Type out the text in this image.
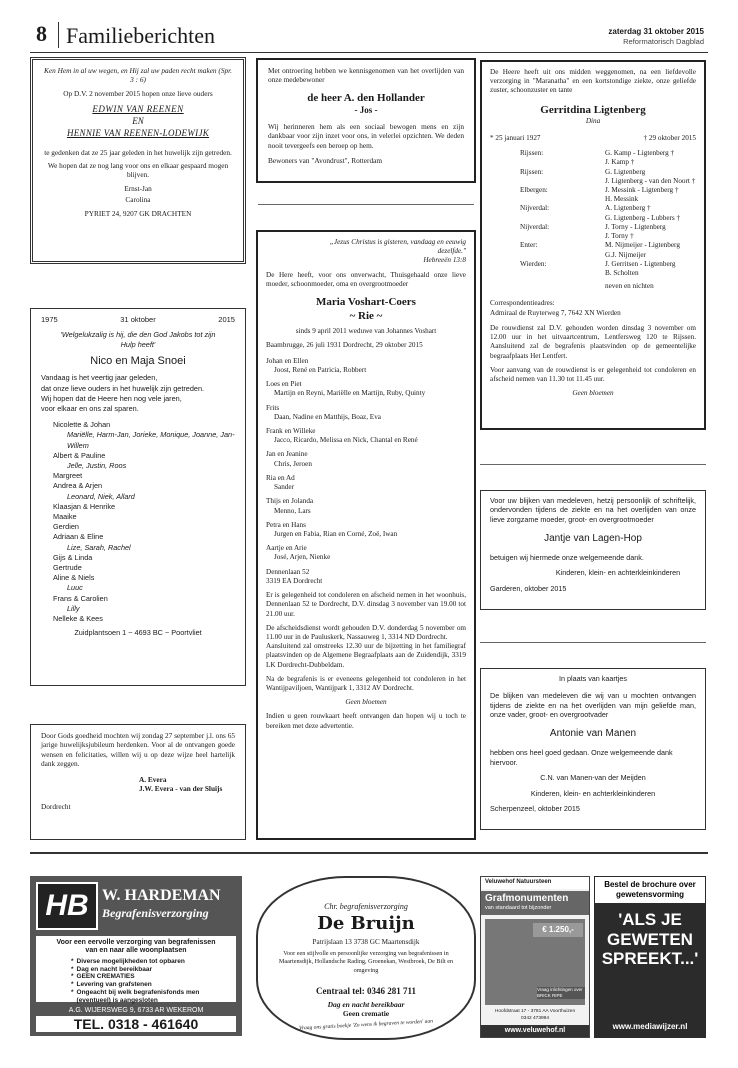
8 Familieberichten	zaterdag 31 oktober 2015
Reformatorisch Dagblad
Ken Hem in al uw wegen, en Hij zal uw paden recht maken (Spr. 3 : 6)
Op D.V. 2 november 2015 hopen onze lieve ouders
EDWIN VAN REENEN
EN
HENNIE VAN REENEN-LODEWIJK
te gedenken dat ze 25 jaar geleden in het huwelijk zijn getreden.
We hopen dat ze nog lang voor ons en elkaar gespaard mogen blijven.
Ernst-Jan
Carolina
PYRIET 24, 9207 GK DRACHTEN
1975	31 oktober	2015
'Welgelukzalig is hij, die den God Jakobs tot zijn Hulp heeft'
Nico en Maja Snoei
Vandaag is het veertig jaar geleden,
dat onze lieve ouders in het huwelijk zijn getreden.
Wij hopen dat de Heere hen nog vele jaren,
voor elkaar en ons zal sparen.
Nicolette & Johan
Mariëlle, Harm-Jan, Jorieke, Monique, Joanne, Jan-Willem
Albert & Pauline
Jelle, Justin, Roos
Margreet
Andrea & Arjen
Leonard, Niek, Allard
Klaasjan & Henrike
Maaike
Gerdien
Adriaan & Eline
Lize, Sarah, Rachel
Gijs & Linda
Gertrude
Aline & Niels
Luuc
Frans & Carolien
Lilly
Nelleke & Kees
Zuidplantsoen 1 ~ 4693 BC ~ Poortvliet
Door Gods goedheid mochten wij zondag 27 september j.l. ons 65 jarige huwelijksjubileum herdenken. Voor al de ontvangen goede wensen en felicitaties, willen wij u op deze wijze heel hartelijk dank zeggen.
A. Evera
J.W. Evera - van der Sluijs
Dordrecht
Met ontroering hebben we kennisgenomen van het overlijden van onze medebewoner
de heer A. den Hollander
- Jos -
Wij herinneren hem als een sociaal bewogen mens en zijn dankbaar voor zijn inzet voor ons, in velerlei opzichten. We deden nooit tevergeefs een beroep op hem.
Bewoners van "Avondrust", Rotterdam
„Jezus Christus is gisteren, vandaag en eeuwig dezelfde."
Hebreeën 13:8
De Here heeft, voor ons onverwacht, Thuisgehaald onze lieve moeder, schoonmoeder, oma en overgrootmoeder
Maria Voshart-Coers
~ Rie ~
sinds 9 april 2011 weduwe van Johannes Voshart
Baambrugge, 26 juli 1931 Dordrecht, 29 oktober 2015
Johan en Ellen
Joost, René en Patricia, Robbert
Loes en Piet
Martijn en Reyni, Mariëlle en Martijn, Ruby, Quinty
Frits
Daan, Nadine en Matthijs, Boaz, Eva
Frank en Willeke
Jacco, Ricardo, Melissa en Nick, Chantal en René
Jan en Jeanine
Chris, Jeroen
Ria en Ad
Sander
Thijs en Jolanda
Menno, Lars
Petra en Hans
Jurgen en Fabia, Rian en Corné, Zoë, Iwan
Aartje en Arie
José, Arjen, Nienke
Dennenlaan 52
3319 EA Dordrecht
Er is gelegenheid tot condoleren en afscheid nemen in het woonhuis, Dennenlaan 52 te Dordrecht, D.V. dinsdag 3 november van 19.00 tot 21.00 uur.
De afscheidsdienst wordt gehouden D.V. donderdag 5 november om 11.00 uur in de Pauluskerk, Nassauweg 1, 3314 ND Dordrecht.
Aansluitend zal omstreeks 12.30 uur de bijzetting in het familiegraf plaatsvinden op de Algemene Begraafplaats aan de Zuidendijk, 3319 LK Dordrecht-Dubbeldam.
Na de begrafenis is er eveneens gelegenheid tot condoleren in het Wantijpaviljoen, Wantijpark 1, 3312 AV Dordrecht.
Geen bloemen
Indien u geen rouwkaart heeft ontvangen dan hopen wij u toch te bereiken met deze advertentie.
De Heere heeft uit ons midden weggenomen, na een liefdevolle verzorging in "Maranatha" en een kortstondige ziekte, onze geliefde zuster, schoonzuster en tante
Gerritdina Ligtenberg
Dina
* 25 januari 1927	† 29 oktober 2015
Rijssen:	G. Kamp - Ligtenberg †
J. Kamp †
Rijssen:	G. Ligtenberg
J. Ligtenberg - van den Noort †
Elbergen:	J. Messink - Ligtenberg †
H. Messink
Nijverdal:	A. Ligtenberg †
G. Ligtenberg - Lubbers †
Nijverdal:	J. Torny - Ligtenberg
J. Torny †
Enter:	M. Nijmeijer - Ligtenberg
G.J. Nijmeijer
Wierden:	J. Gerritsen - Ligtenberg
B. Scholten
neven en nichten
Correspondentieadres:
Admiraal de Ruyterweg 7, 7642 XN Wierden
De rouwdienst zal D.V. gehouden worden dinsdag 3 november om 12.00 uur in het uitvaartcentrum, Lentfersweg 120 te Rijssen. Aansluitend zal de begrafenis plaatsvinden op de gemeentelijke begraafplaats Het Lentfert.
Voor aanvang van de rouwdienst is er gelegenheid tot condoleren en afscheid nemen van 11.30 tot 11.45 uur.
Geen bloemen
Voor uw blijken van medeleven, hetzij persoonlijk of schriftelijk, ondervonden tijdens de ziekte en na het overlijden van onze lieve zorgzame moeder, groot- en overgrootmoeder
Jantje van Lagen-Hop
betuigen wij hiermede onze welgemeende dank.
Kinderen, klein- en achterkleinkinderen
Garderen, oktober 2015
In plaats van kaartjes
De blijken van medeleven die wij van u mochten ontvangen tijdens de ziekte en na het overlijden van mijn geliefde man, onze vader, groot- en overgrootvader
Antonie van Manen
hebben ons heel goed gedaan. Onze welgemeende dank hiervoor.
C.N. van Manen-van der Meijden
Kinderen, klein- en achterkleinkinderen
Scherpenzeel, oktober 2015
HB W. HARDEMAN
Begrafenisverzorging
Voor een eervolle verzorging van begrafenissen
van en naar alle woonplaatsen
* Diverse mogelijkheden tot opbaren
* Dag en nacht bereikbaar
* GEEN CREMATIES
* Levering van grafstenen
* Ongeacht bij welk begrafenisfonds men (eventueel) is aangesloten
A.G. WIJERSWEG 9, 6733 AR WEKEROM
TEL. 0318 - 461640
Chr. begrafenisverzorging
De Bruijn
Patrijslaan 13 3738 GC Maartensdijk
Voor een stijlvolle en persoonlijke verzorging van begrafenissen in Maartensdijk, Hollandsche Rading, Groenekan, Westbroek, De Bilt en omgeving
Centraal tel: 0346 281 711
Dag en nacht bereikbaar
Geen crematie
Vraag ons gratis boekje 'Zo wens ik begraven te worden' aan
Veluwehof Natuursteen
Grafmonumenten
van standaard tot bijzonder
€ 1.250,-
Vraag inlichtingen over BRICK RIPE
Hoofdstraat 17 - 3781 AA Voorthuizen
0342 473994
www.veluwehof.nl
Bestel de brochure over gewetensvorming
'ALS JE GEWETEN SPREEKT...'
www.mediawijzer.nl
